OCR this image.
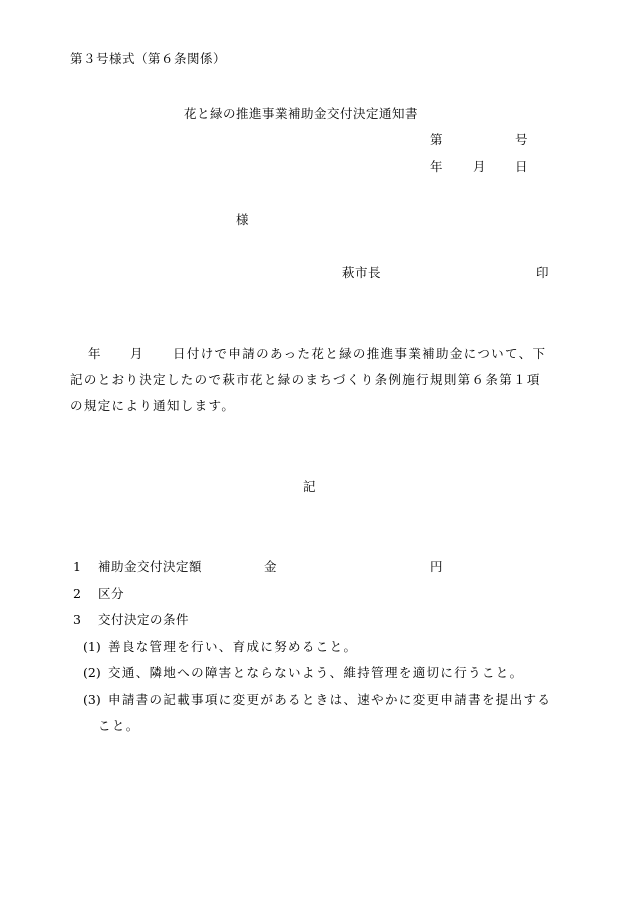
第３号様式（第６条関係）
花と緑の推進事業補助金交付決定通知書
第	号
年 月 日
様
萩市長	印
年 月 日付けで申請のあった花と緑の推進事業補助金について、下
記のとおり決定したので萩市花と緑のまちづくり条例施行規則第６条第１項
の規定により通知します。
記
1 補助金交付決定額	金	円
2 区分
3 交付決定の条件
(1) 善良な管理を行い、育成に努めること。
(2) 交通、隣地への障害とならないよう、維持管理を適切に行うこと。
(3) 申請書の記載事項に変更があるときは、速やかに変更申請書を提出する
こと。
